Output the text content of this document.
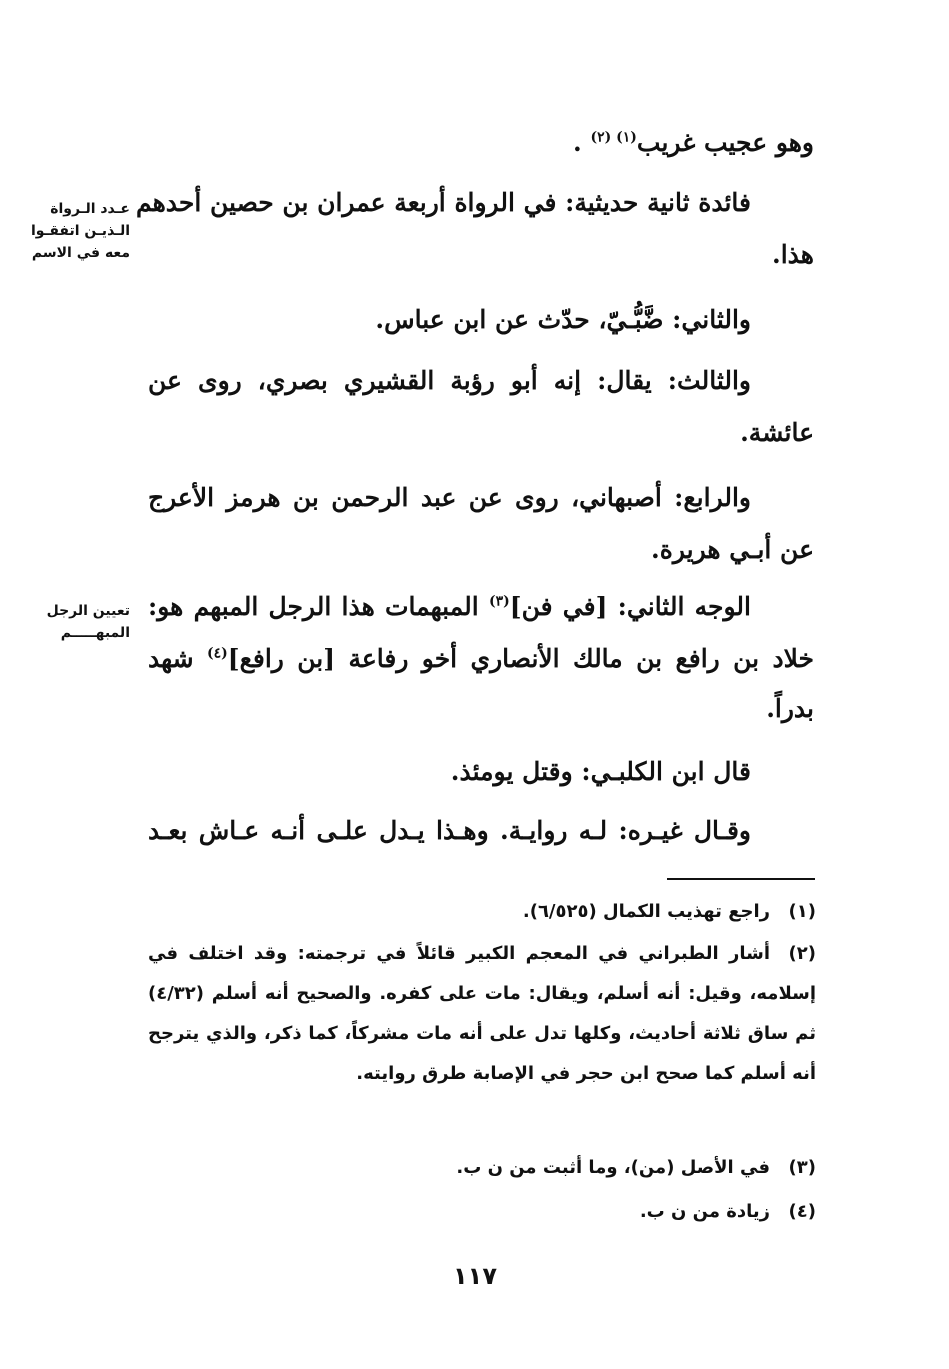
وهو عجيب غريب$^{(١) (٢)}$ .
فائدة ثانية حديثية: في الرواة أربعة عمران بن حصين أحدهم
هذا.
والثاني: ضَّبُّـيّ، حدّث عن ابن عباس.
والثالث: يقال: إنه أبو رؤبة القشيري بصري، روى عن
عائشة.
والرابع: أصبهاني، روى عن عبد الرحمن بن هرمز الأعرج
عن أبـي هريرة.
الوجه الثاني: [في فن]$^{(٣)}$ المبهمات هذا الرجل المبهم هو:
خلاد بن رافع بن مالك الأنصاري أخو رفاعة [بن رافع]$^{(٤)}$ شهد
بدراً.
قال ابن الكلبـي: وقتل يومئذ.
وقـال غيـره: لـه روايـة. وهـذا يـدل علـى أنـه عـاش بعـد
عـدد الـرواة
الـذيـن اتفقـوا
معه في الاسم
تعيين الرجل
المبهـــــم
(١)راجع تهذيب الكمال (٦/٥٢٥).
(٢)أشار الطبراني في المعجم الكبير قائلاً في ترجمته: وقد اختلف في إسلامه، وقيل: أنه أسلم، ويقال: مات على كفره. والصحيح أنه أسلم (٤/٣٢) ثم ساق ثلاثة أحاديث، وكلها تدل على أنه مات مشركاً، كما ذكر، والذي يترجح أنه أسلم كما صحح ابن حجر في الإصابة طرق روايته.
(٣)في الأصل (من)، وما أثبت من ن ب.
(٤)زيادة من ن ب.
١١٧
